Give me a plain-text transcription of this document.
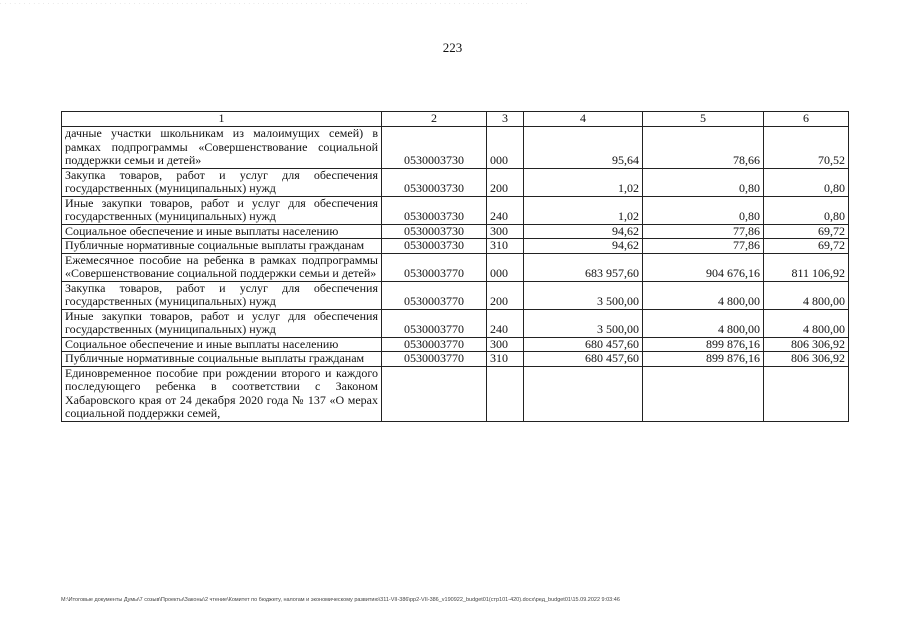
. . . . . . . . . . . . . . . . . . . . . . . . . . . . . . . . . . . . . . . . . . . . . . . . . . . . . . . . . . . . . . . . . . . . . . . . . . . . . . . . . . . . . . . . . . . . . . . . . . . . . . . . . . . . . . .
223
1	2	3	4	5	6
дачные участки школьникам из малоимущих семей) в рамках подпрограммы «Совершенствование социальной поддержки семьи и детей»	0530003730	000	95,64	78,66	70,52
Закупка товаров, работ и услуг для обеспечения государственных (муниципальных) нужд	0530003730	200	1,02	0,80	0,80
Иные закупки товаров, работ и услуг для обеспечения государственных (муниципальных) нужд	0530003730	240	1,02	0,80	0,80
Социальное обеспечение и иные выплаты населению	0530003730	300	94,62	77,86	69,72
Публичные нормативные социальные выплаты гражданам	0530003730	310	94,62	77,86	69,72
Ежемесячное пособие на ребенка в рамках подпрограммы «Совершенствование социальной поддержки семьи и детей»	0530003770	000	683 957,60	904 676,16	811 106,92
Закупка товаров, работ и услуг для обеспечения государственных (муниципальных) нужд	0530003770	200	3 500,00	4 800,00	4 800,00
Иные закупки товаров, работ и услуг для обеспечения государственных (муниципальных) нужд	0530003770	240	3 500,00	4 800,00	4 800,00
Социальное обеспечение и иные выплаты населению	0530003770	300	680 457,60	899 876,16	806 306,92
Публичные нормативные социальные выплаты гражданам	0530003770	310	680 457,60	899 876,16	806 306,92
Единовременное пособие при рождении второго и каждого последующего ребенка в соответствии с Законом Хабаровского края от 24 декабря 2020 года № 137 «О мерах социальной поддержки семей,					
M:\Итоговые документы Думы\7 созыв\Проекты\Законы\2 чтение\Комитет по бюджету, налогам и экономическому развитию\311-VII-386\рр2-VII-386_v190922_budget01(стр101-420).docx\ред_budget01\15.09.2022 9:03:46
